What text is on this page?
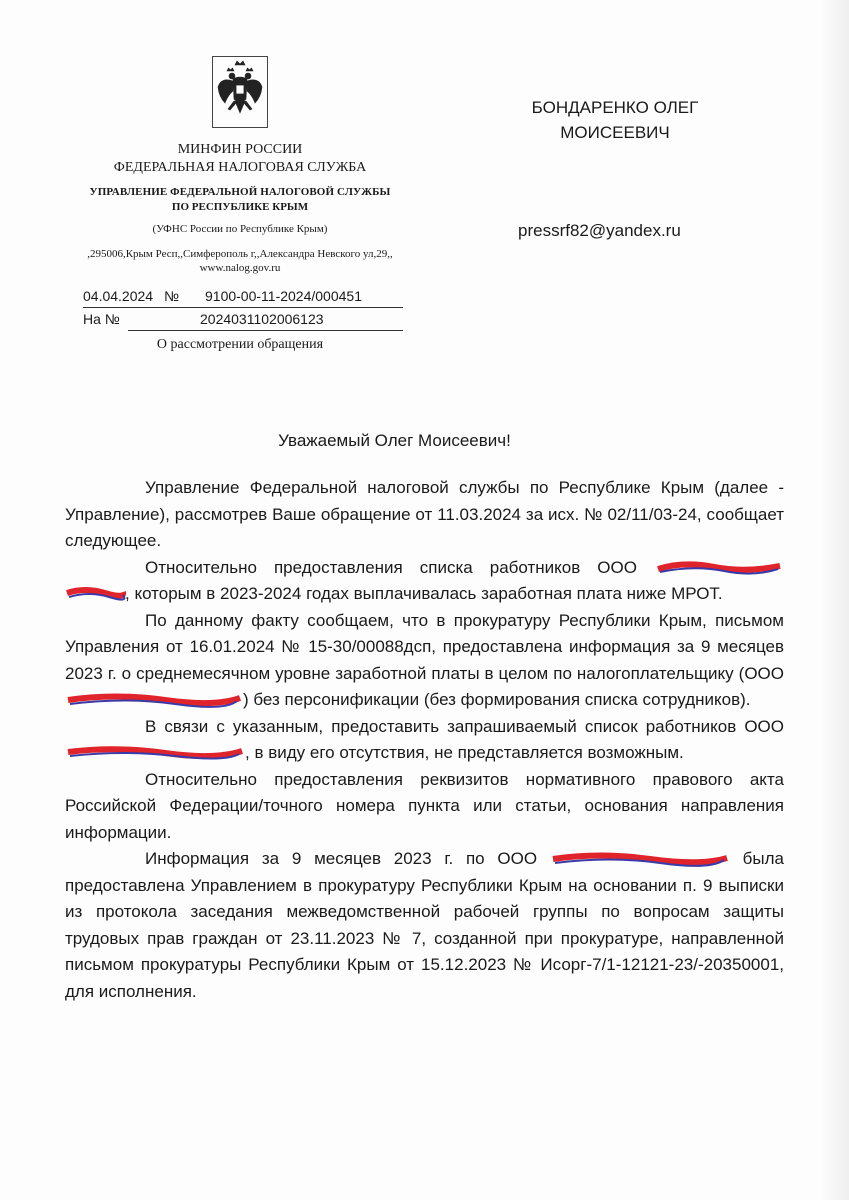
МИНФИН РОССИИ
ФЕДЕРАЛЬНАЯ НАЛОГОВАЯ СЛУЖБА
УПРАВЛЕНИЕ ФЕДЕРАЛЬНОЙ НАЛОГОВОЙ СЛУЖБЫ
ПО РЕСПУБЛИКЕ КРЫМ
(УФНС России по Республике Крым)
,295006,Крым Респ,,Симферополь г,,Александра Невского ул,29,,
www.nalog.gov.ru
04.04.2024 № 9100-00-11-2024/000451
На №	2024031102006123
О рассмотрении обращения
БОНДАРЕНКО ОЛЕГ
МОИСЕЕВИЧ
pressrf82@yandex.ru
Уважаемый Олег Моисеевич!

Управление Федеральной налоговой службы по Республике Крым (далее - Управление), рассмотрев Ваше обращение от 11.03.2024 за исх. № 02/11/03-24, сообщает следующее.

Относительно предоставления списка работников ООО

, которым в 2023-2024 годах выплачивалась заработная плата ниже МРОТ.

По данному факту сообщаем, что в прокуратуру Республики Крым, письмом Управления от 16.01.2024 № 15-30/00088дсп, предоставлена информация за 9 месяцев 2023 г. о среднемесячном уровне заработной платы в целом по налогоплательщику (ООО
) без персонификации (без формирования списка сотрудников).

В связи с указанным, предоставить запрашиваемый список работников ООО
, в виду его отсутствия, не представляется возможным.

Относительно предоставления реквизитов нормативного правового акта Российской Федерации/точного номера пункта или статьи, основания направления информации.

Информация за 9 месяцев 2023 г. по ООО	была предоставлена Управлением в прокуратуру Республики Крым на основании п. 9 выписки из протокола заседания межведомственной рабочей группы по вопросам защиты трудовых прав граждан от 23.11.2023 № 7, созданной при прокуратуре, направленной письмом прокуратуры Республики Крым от 15.12.2023 № Исорг-7/1-12121-23/-20350001, для исполнения.
